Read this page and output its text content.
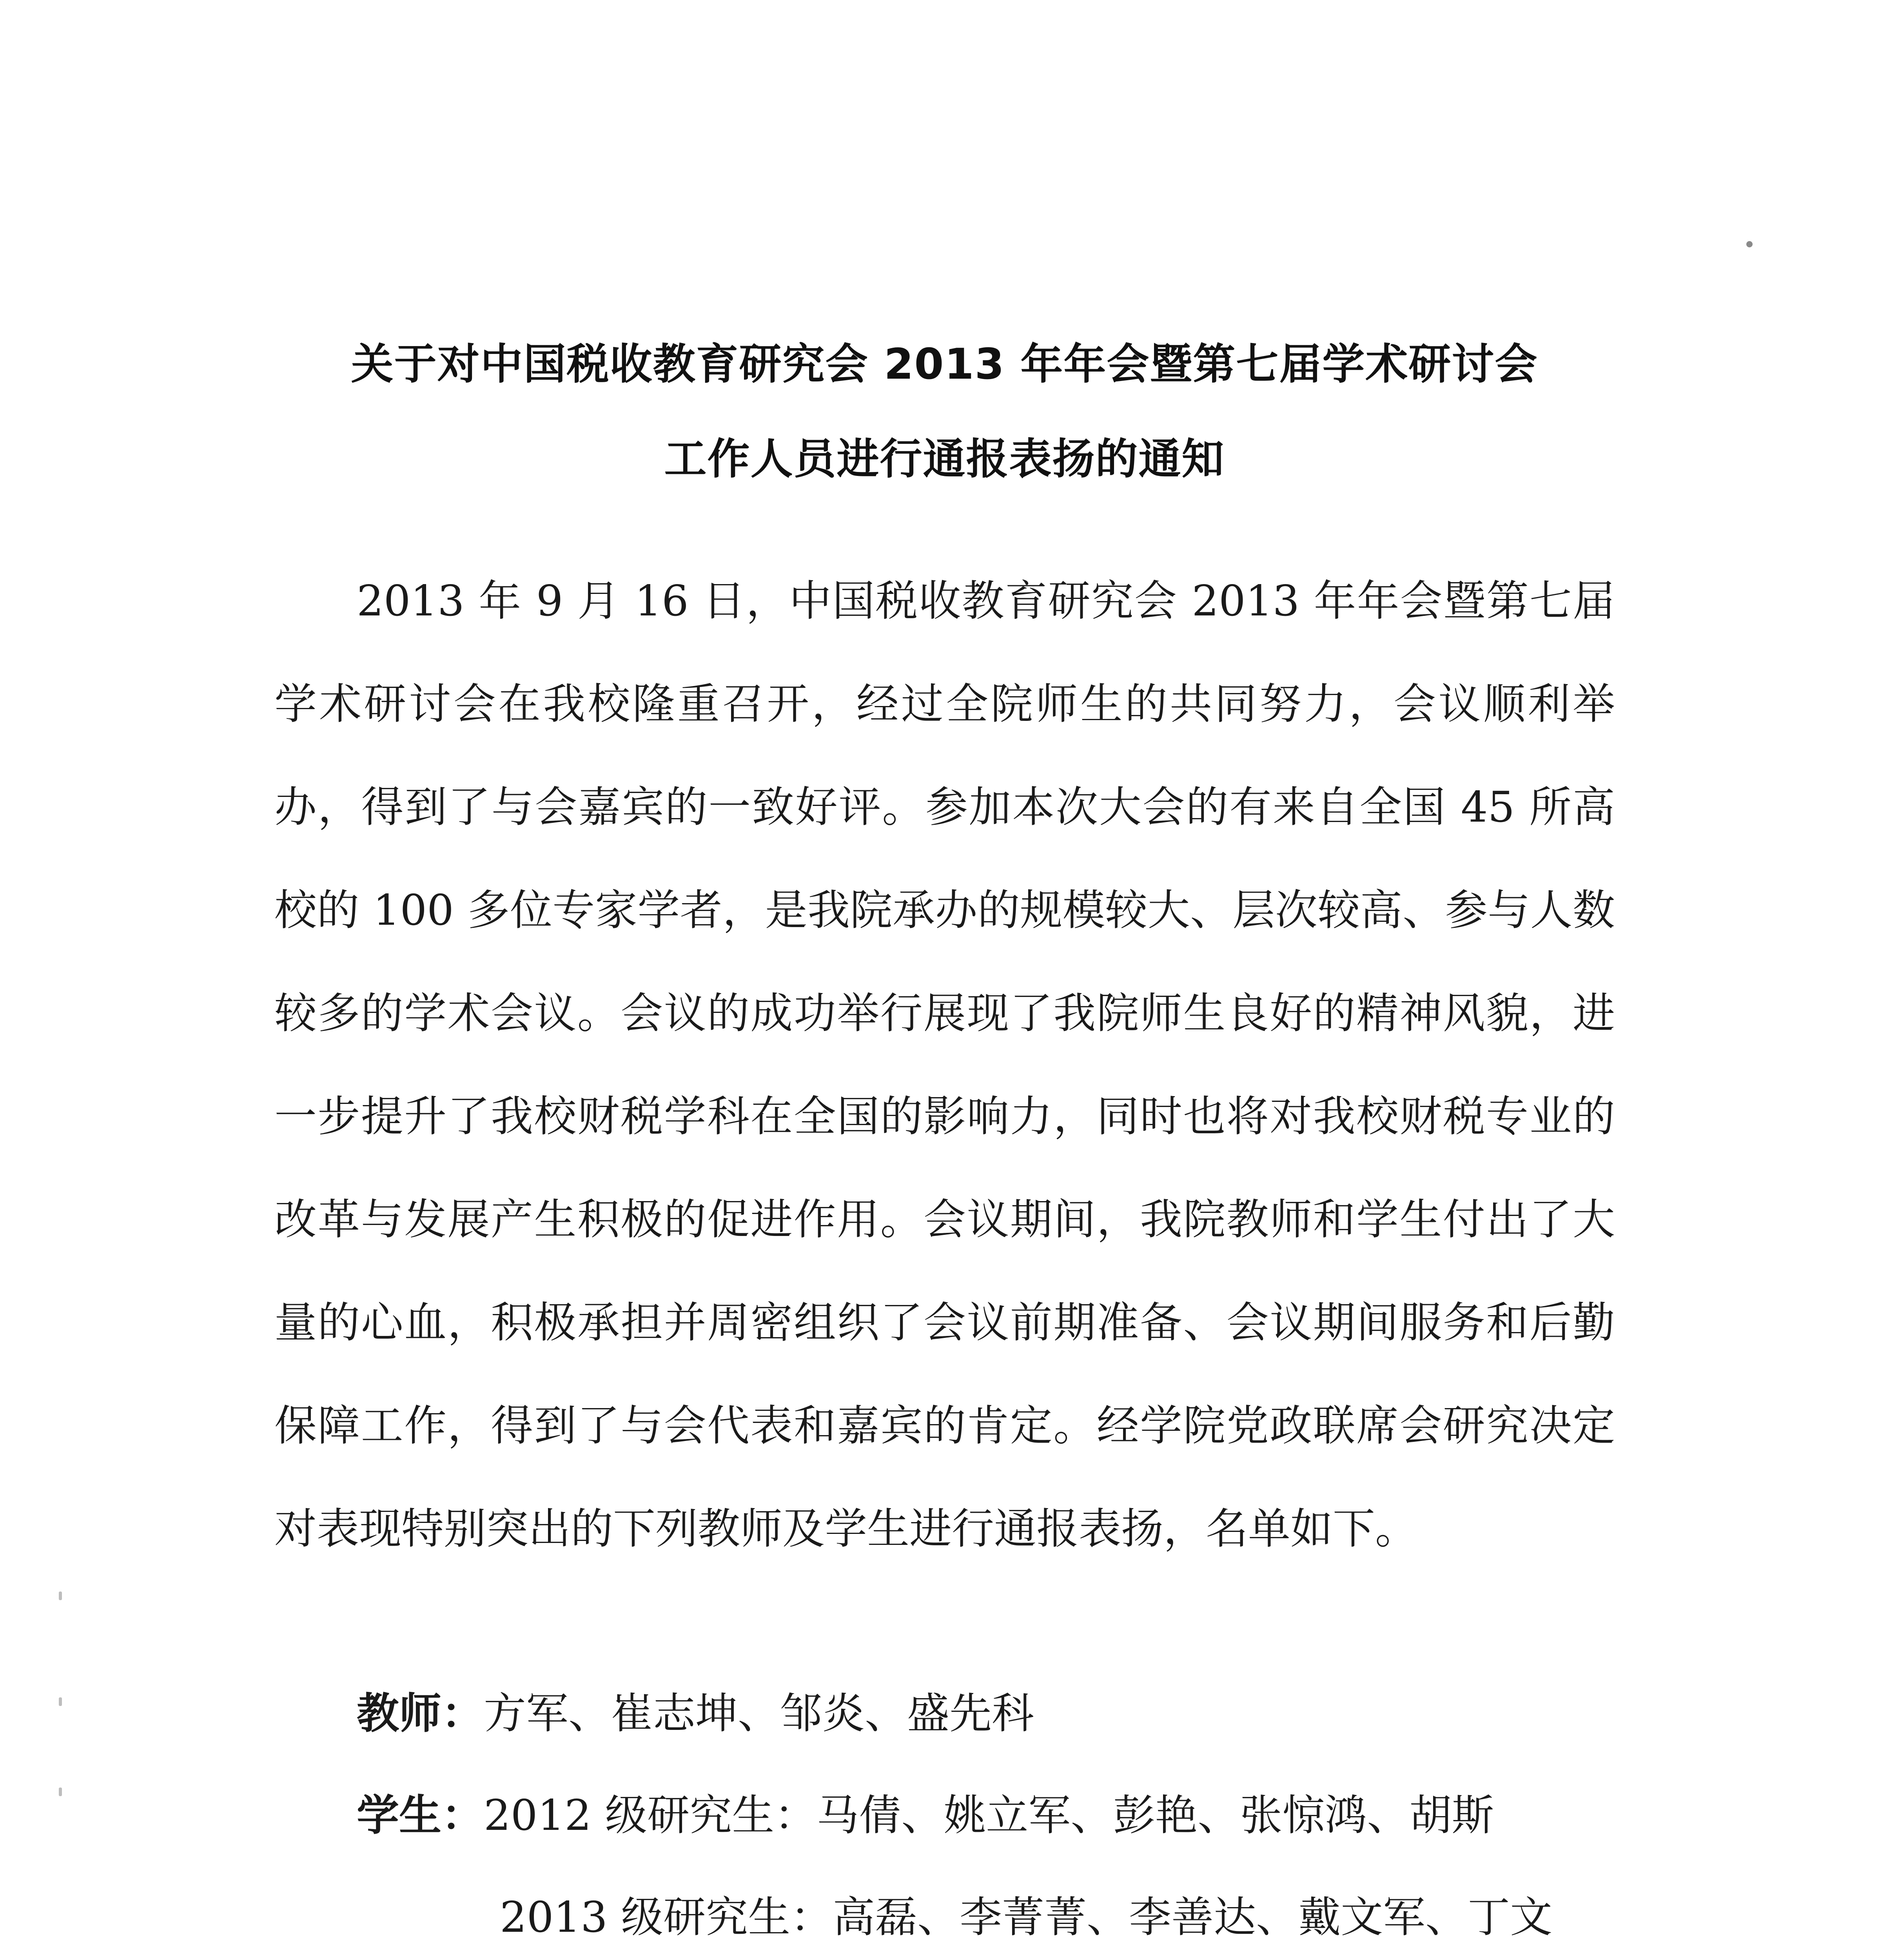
关于对中国税收教育研究会 2013 年年会暨第七届学术研讨会
工作人员进行通报表扬的通知

2013 年 9 月 16 日，中国税收教育研究会 2013 年年会暨第七届学术研讨会在我校隆重召开，经过全院师生的共同努力，会议顺利举办，得到了与会嘉宾的一致好评。参加本次大会的有来自全国 45 所高校的 100 多位专家学者，是我院承办的规模较大、层次较高、参与人数较多的学术会议。会议的成功举行展现了我院师生良好的精神风貌，进一步提升了我校财税学科在全国的影响力，同时也将对我校财税专业的改革与发展产生积极的促进作用。会议期间，我院教师和学生付出了大量的心血，积极承担并周密组织了会议前期准备、会议期间服务和后勤保障工作，得到了与会代表和嘉宾的肯定。经学院党政联席会研究决定对表现特别突出的下列教师及学生进行通报表扬，名单如下。

教师：方军、崔志坤、邹炎、盛先科
学生：2012 级研究生：马倩、姚立军、彭艳、张惊鸿、胡斯
2013 级研究生：高磊、李菁菁、李善达、戴文军、丁文
